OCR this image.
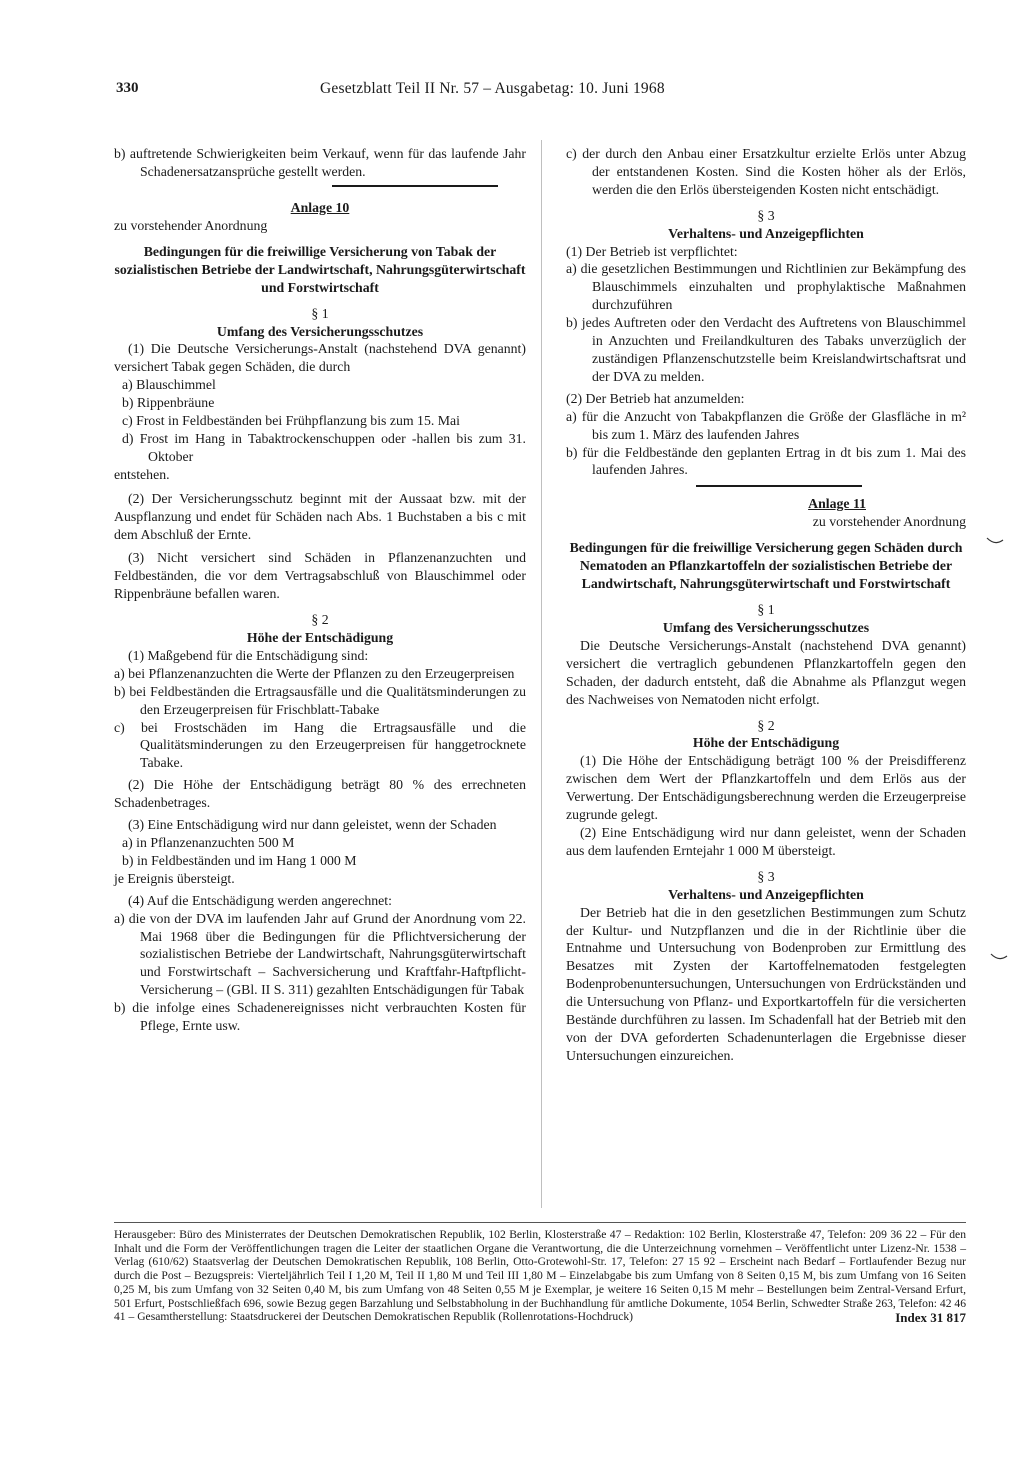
330	Gesetzblatt Teil II Nr. 57 – Ausgabetag: 10. Juni 1968

b) auftretende Schwierigkeiten beim Verkauf, wenn für das laufende Jahr Schadenersatzansprüche gestellt werden.

Anlage 10

zu vorstehender Anordnung

Bedingungen für die freiwillige Versicherung von Tabak der sozialistischen Betriebe der Landwirtschaft, Nahrungsgüterwirtschaft und Forstwirtschaft

§ 1

Umfang des Versicherungsschutzes

(1) Die Deutsche Versicherungs-Anstalt (nachstehend DVA genannt) versichert Tabak gegen Schäden, die durch

a) Blauschimmel

b) Rippenbräune

c) Frost in Feldbeständen bei Frühpflanzung bis zum 15. Mai

d) Frost im Hang in Tabaktrockenschuppen oder -hallen bis zum 31. Oktober

entstehen.

(2) Der Versicherungsschutz beginnt mit der Aussaat bzw. mit der Auspflanzung und endet für Schäden nach Abs. 1 Buchstaben a bis c mit dem Abschluß der Ernte.

(3) Nicht versichert sind Schäden in Pflanzenanzuchten und Feldbeständen, die vor dem Vertragsabschluß von Blauschimmel oder Rippenbräune befallen waren.

§ 2

Höhe der Entschädigung

(1) Maßgebend für die Entschädigung sind:

a) bei Pflanzenanzuchten die Werte der Pflanzen zu den Erzeugerpreisen

b) bei Feldbeständen die Ertragsausfälle und die Qualitätsminderungen zu den Erzeugerpreisen für Frischblatt-Tabake

c) bei Frostschäden im Hang die Ertragsausfälle und die Qualitätsminderungen zu den Erzeugerpreisen für hanggetrocknete Tabake.

(2) Die Höhe der Entschädigung beträgt 80 % des errechneten Schadenbetrages.

(3) Eine Entschädigung wird nur dann geleistet, wenn der Schaden

a) in Pflanzenanzuchten 500 M

b) in Feldbeständen und im Hang 1 000 M

je Ereignis übersteigt.

(4) Auf die Entschädigung werden angerechnet:

a) die von der DVA im laufenden Jahr auf Grund der Anordnung vom 22. Mai 1968 über die Bedingungen für die Pflichtversicherung der sozialistischen Betriebe der Landwirtschaft, Nahrungsgüterwirtschaft und Forstwirtschaft – Sachversicherung und Kraftfahr-Haftpflicht-Versicherung – (GBl. II S. 311) gezahlten Entschädigungen für Tabak

b) die infolge eines Schadenereignisses nicht verbrauchten Kosten für Pflege, Ernte usw.

c) der durch den Anbau einer Ersatzkultur erzielte Erlös unter Abzug der entstandenen Kosten. Sind die Kosten höher als der Erlös, werden die den Erlös übersteigenden Kosten nicht entschädigt.

§ 3

Verhaltens- und Anzeigepflichten

(1) Der Betrieb ist verpflichtet:

a) die gesetzlichen Bestimmungen und Richtlinien zur Bekämpfung des Blauschimmels einzuhalten und prophylaktische Maßnahmen durchzuführen

b) jedes Auftreten oder den Verdacht des Auftretens von Blauschimmel in Anzuchten und Freilandkulturen des Tabaks unverzüglich der zuständigen Pflanzenschutzstelle beim Kreislandwirtschaftsrat und der DVA zu melden.

(2) Der Betrieb hat anzumelden:

a) für die Anzucht von Tabakpflanzen die Größe der Glasfläche in m² bis zum 1. März des laufenden Jahres

b) für die Feldbestände den geplanten Ertrag in dt bis zum 1. Mai des laufenden Jahres.

Anlage 11

zu vorstehender Anordnung

Bedingungen für die freiwillige Versicherung gegen Schäden durch Nematoden an Pflanzkartoffeln der sozialistischen Betriebe der Landwirtschaft, Nahrungsgüterwirtschaft und Forstwirtschaft

§ 1

Umfang des Versicherungsschutzes

Die Deutsche Versicherungs-Anstalt (nachstehend DVA genannt) versichert die vertraglich gebundenen Pflanzkartoffeln gegen den Schaden, der dadurch entsteht, daß die Abnahme als Pflanzgut wegen des Nachweises von Nematoden nicht erfolgt.

§ 2

Höhe der Entschädigung

(1) Die Höhe der Entschädigung beträgt 100 % der Preisdifferenz zwischen dem Wert der Pflanzkartoffeln und dem Erlös aus der Verwertung. Der Entschädigungsberechnung werden die Erzeugerpreise zugrunde gelegt.

(2) Eine Entschädigung wird nur dann geleistet, wenn der Schaden aus dem laufenden Erntejahr 1 000 M übersteigt.

§ 3

Verhaltens- und Anzeigepflichten

Der Betrieb hat die in den gesetzlichen Bestimmungen zum Schutz der Kultur- und Nutzpflanzen und die in der Richtlinie über die Entnahme und Untersuchung von Bodenproben zur Ermittlung des Besatzes mit Zysten der Kartoffelnematoden festgelegten Bodenprobenuntersuchungen, Untersuchungen von Erdrückständen und die Untersuchung von Pflanz- und Exportkartoffeln für die versicherten Bestände durchführen zu lassen. Im Schadenfall hat der Betrieb mit den von der DVA geforderten Schadenunterlagen die Ergebnisse dieser Untersuchungen einzureichen.

Herausgeber: Büro des Ministerrates der Deutschen Demokratischen Republik, 102 Berlin, Klosterstraße 47 – Redaktion: 102 Berlin, Klosterstraße 47, Telefon: 209 36 22 – Für den Inhalt und die Form der Veröffentlichungen tragen die Leiter der staatlichen Organe die Verantwortung, die die Unterzeichnung vornehmen – Veröffentlicht unter Lizenz-Nr. 1538 – Verlag (610/62) Staatsverlag der Deutschen Demokratischen Republik, 108 Berlin, Otto-Grotewohl-Str. 17, Telefon: 27 15 92 – Erscheint nach Bedarf – Fortlaufender Bezug nur durch die Post – Bezugspreis: Vierteljährlich Teil I 1,20 M, Teil II 1,80 M und Teil III 1,80 M – Einzelabgabe bis zum Umfang von 8 Seiten 0,15 M, bis zum Umfang von 16 Seiten 0,25 M, bis zum Umfang von 32 Seiten 0,40 M, bis zum Umfang von 48 Seiten 0,55 M je Exemplar, je weitere 16 Seiten 0,15 M mehr – Bestellungen beim Zentral-Versand Erfurt, 501 Erfurt, Postschließfach 696, sowie Bezug gegen Barzahlung und Selbstabholung in der Buchhandlung für amtliche Dokumente, 1054 Berlin, Schwedter Straße 263, Telefon: 42 46 41 – Gesamtherstellung: Staatsdruckerei der Deutschen Demokratischen Republik (Rollenrotations-Hochdruck)	Index 31 817
